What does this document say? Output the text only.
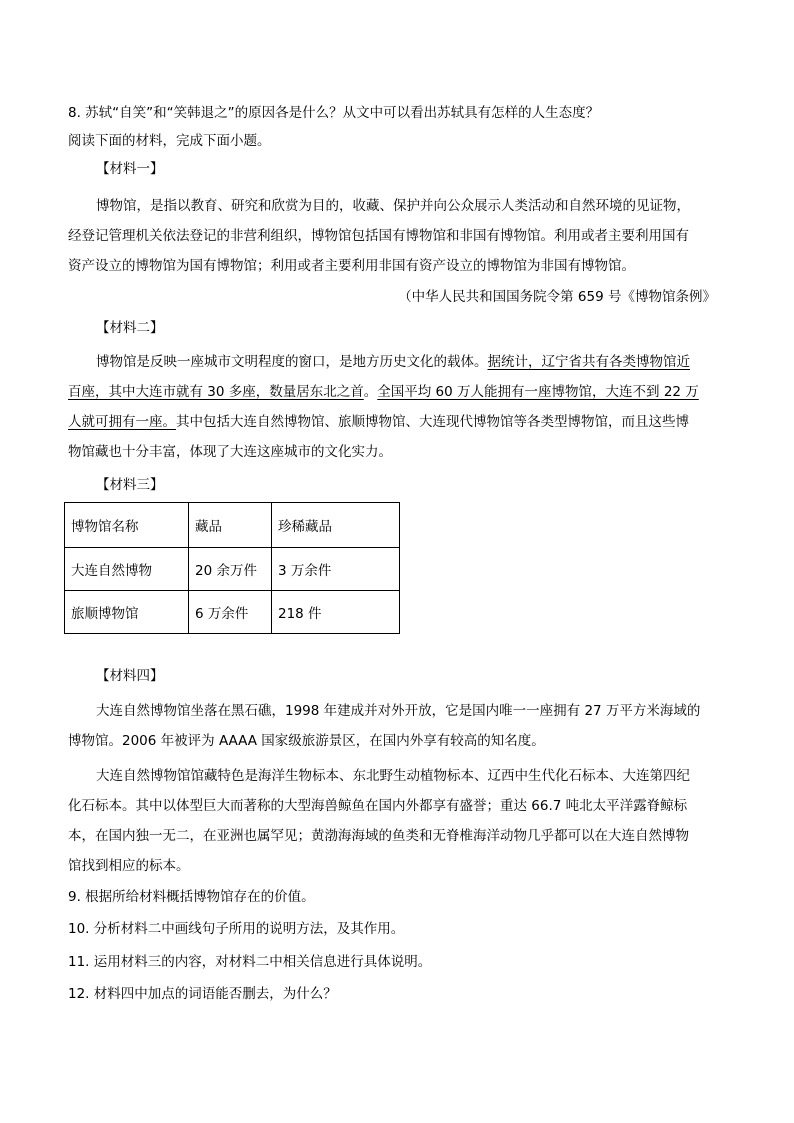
8. 苏轼“自笑”和“笑韩退之”的原因各是什么？从文中可以看出苏轼具有怎样的人生态度？
阅读下面的材料，完成下面小题。
【材料一】
博物馆，是指以教育、研究和欣赏为目的，收藏、保护并向公众展示人类活动和自然环境的见证物，
经登记管理机关依法登记的非营利组织，博物馆包括国有博物馆和非国有博物馆。利用或者主要利用国有
资产设立的博物馆为国有博物馆；利用或者主要利用非国有资产设立的博物馆为非国有博物馆。
（中华人民共和国国务院令第 659 号《博物馆条例》
【材料二】
博物馆是反映一座城市文明程度的窗口，是地方历史文化的载体。据统计，辽宁省共有各类博物馆近
百座，其中大连市就有 30 多座，数量居东北之首。全国平均 60 万人能拥有一座博物馆，大连不到 22 万
人就可拥有一座。其中包括大连自然博物馆、旅顺博物馆、大连现代博物馆等各类型博物馆，而且这些博
物馆藏也十分丰富，体现了大连这座城市的文化实力。
【材料三】
博物馆名称	藏品	珍稀藏品
大连自然博物	20 余万件	3 万余件
旅顺博物馆	6 万余件	218 件
【材料四】
大连自然博物馆坐落在黑石礁，1998 年建成并对外开放，它是国内唯一一座拥有 27 万平方米海域的
博物馆。2006 年被评为 AAAA 国家级旅游景区，在国内外享有较高的知名度。
大连自然博物馆馆藏特色是海洋生物标本、东北野生动植物标本、辽西中生代化石标本、大连第四纪
化石标本。其中以体型巨大而著称的大型海兽鲸鱼在国内外都享有盛誉；重达 66.7 吨北太平洋露脊鲸标
本，在国内独一无二，在亚洲也属罕见；黄渤海海域的鱼类和无脊椎海洋动物几乎都可以在大连自然博物
馆找到相应的标本。
9. 根据所给材料概括博物馆存在的价值。
10. 分析材料二中画线句子所用的说明方法，及其作用。
11. 运用材料三的内容，对材料二中相关信息进行具体说明。
12. 材料四中加点的词语能否删去，为什么？
